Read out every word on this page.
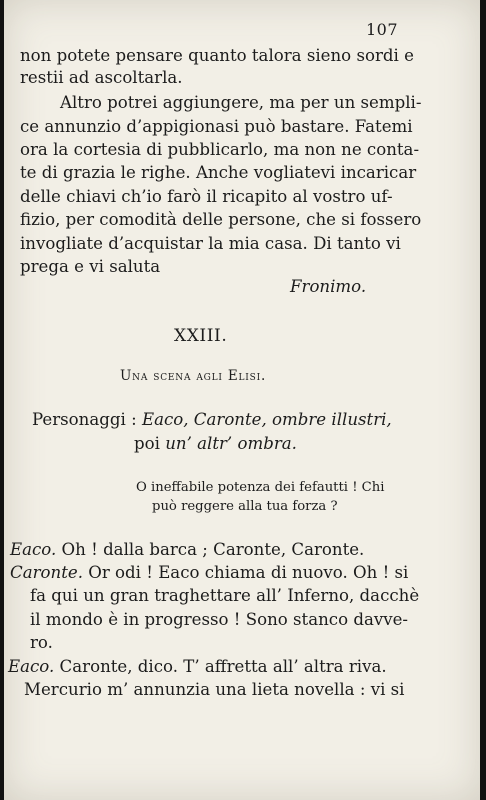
107
non potete pensare quanto talora sieno sordi e
restii ad ascoltarla.
Altro potrei aggiungere, ma per un sempli-
ce annunzio d’appigionasi può bastare. Fatemi
ora la cortesia di pubblicarlo, ma non ne conta-
te di grazia le righe. Anche vogliatevi incaricar
delle chiavi ch’io farò il ricapito al vostro uf-
fizio, per comodità delle persone, che si fossero
invogliate d’acquistar la mia casa. Di tanto vi
prega e vi saluta
Fronimo.
XXIII.
Una scena agli Elisi.
Personaggi : Eaco, Caronte, ombre illustri,
poi un’ altr’ ombra.
O ineffabile potenza dei fefautti ! Chi
può reggere alla tua forza ?
Eaco. Oh ! dalla barca ; Caronte, Caronte.
Caronte. Or odi ! Eaco chiama di nuovo. Oh ! si
fa qui un gran traghettare all’ Inferno, dacchè
il mondo è in progresso ! Sono stanco davve-
ro.
Eaco. Caronte, dico. T’ affretta all’ altra riva.
Mercurio m’ annunzia una lieta novella : vi si
